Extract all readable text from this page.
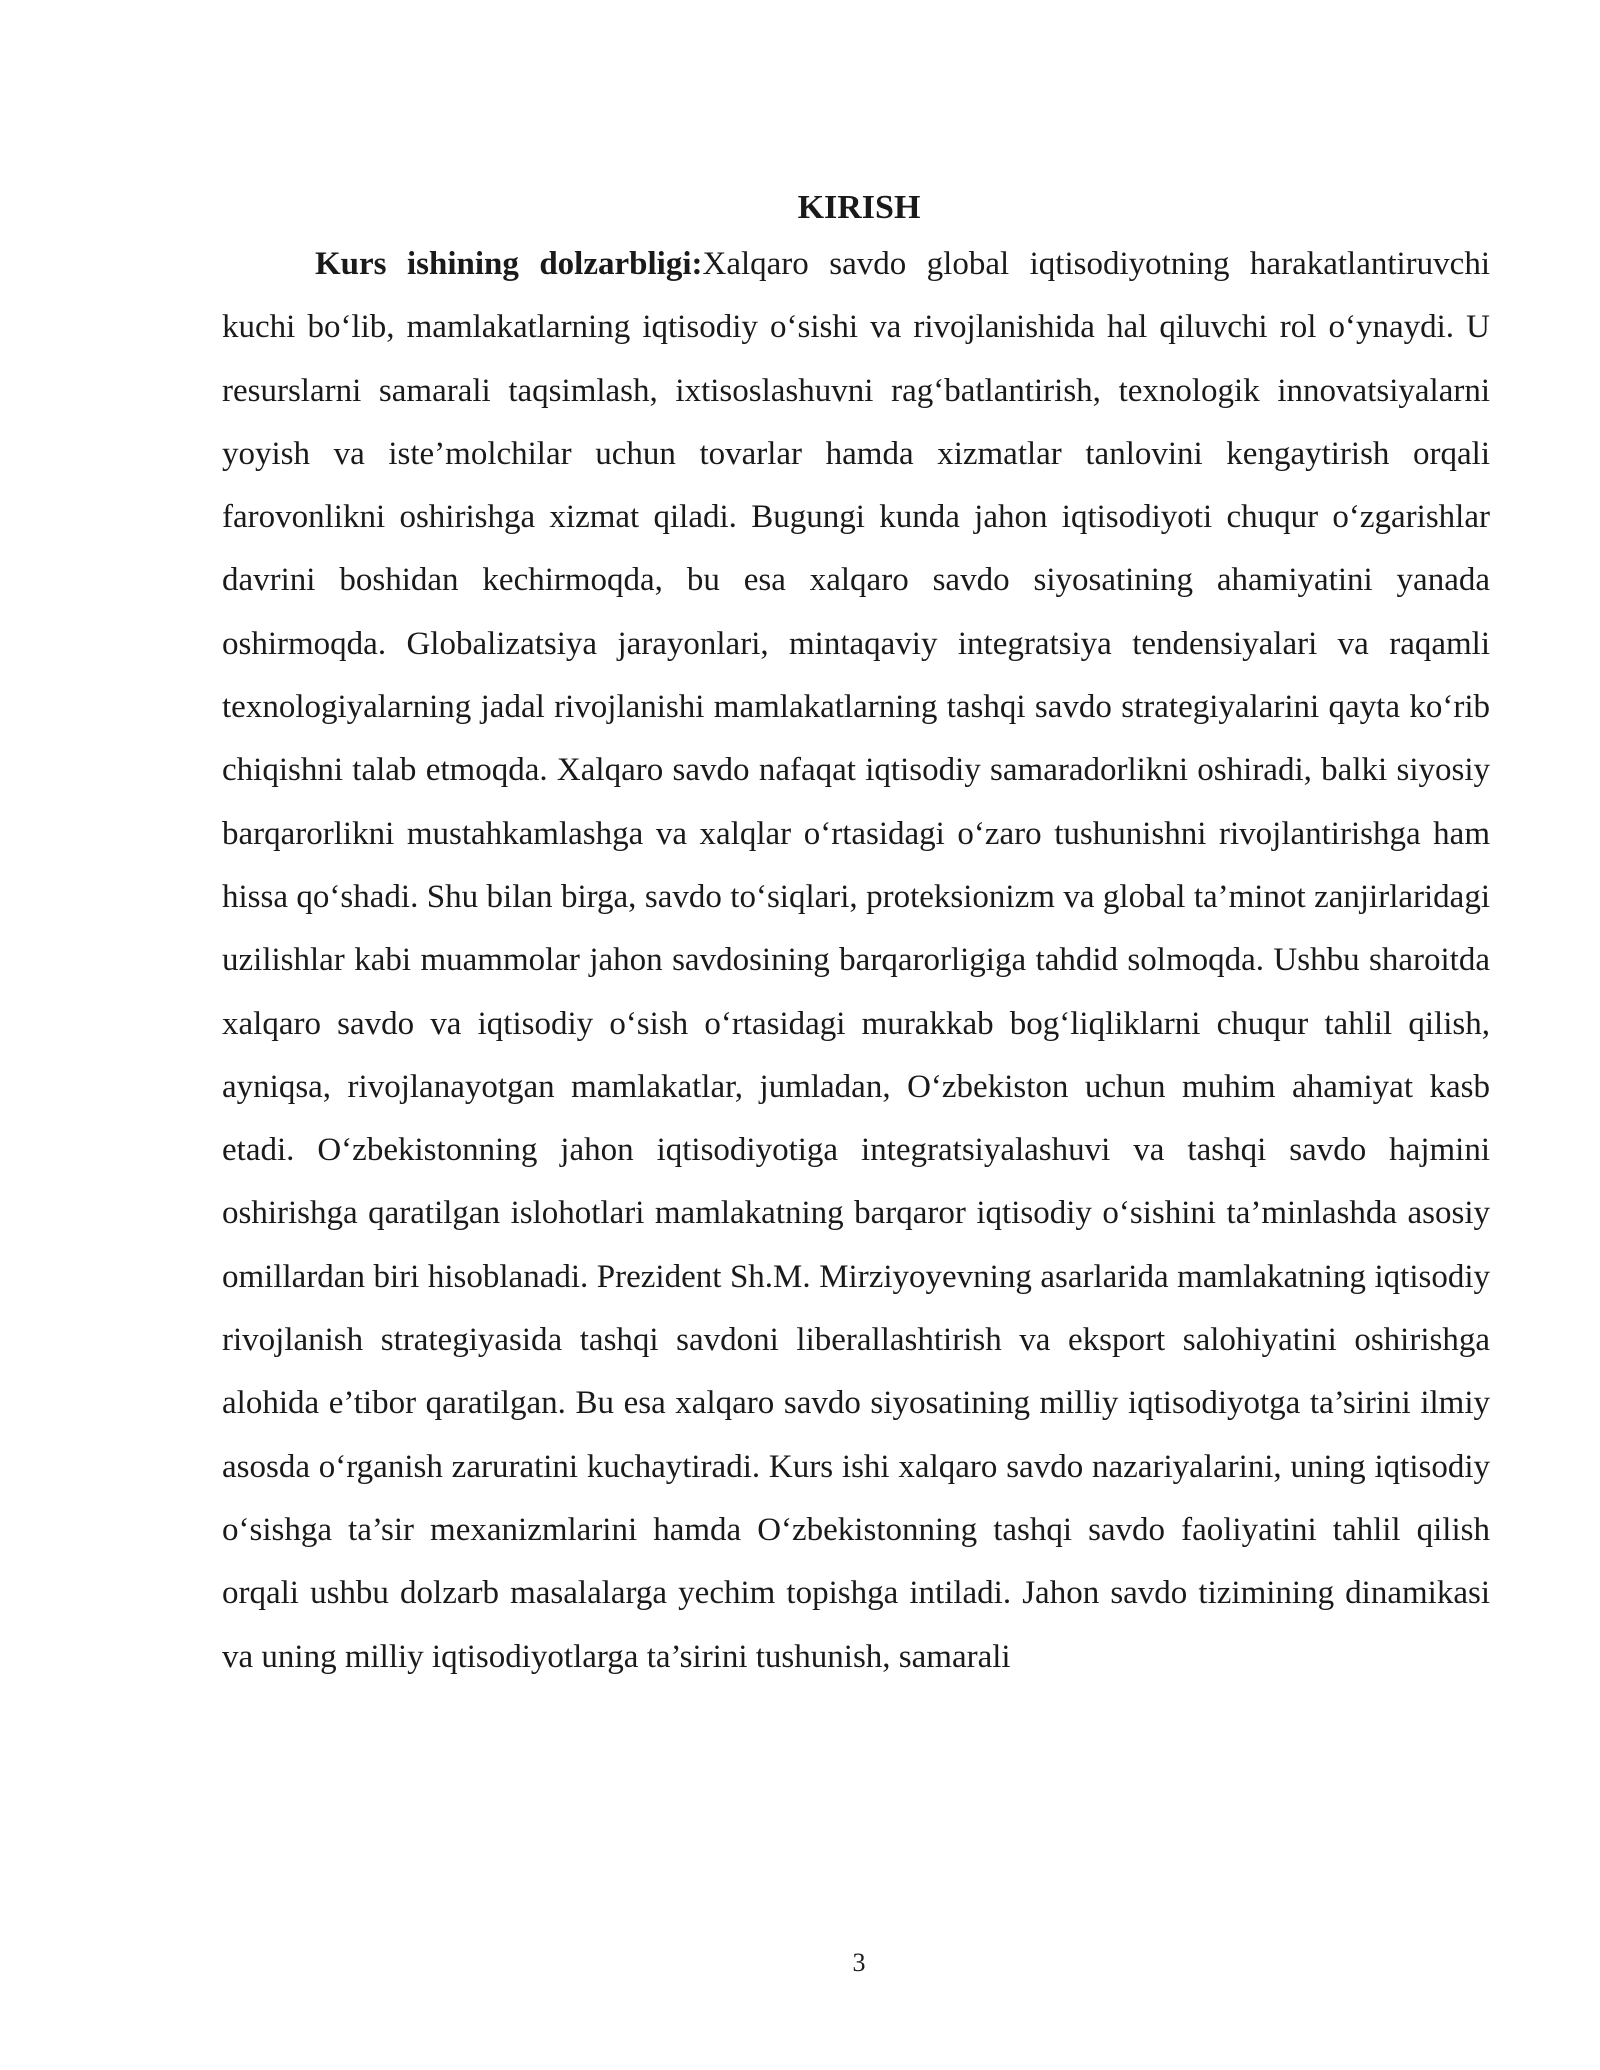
KIRISH

Kurs ishining dolzarbligi:Xalqaro savdo global iqtisodiyotning harakatlantiruvchi kuchi bo‘lib, mamlakatlarning iqtisodiy o‘sishi va rivojlanishida hal qiluvchi rol o‘ynaydi. U resurslarni samarali taqsimlash, ixtisoslashuvni rag‘batlantirish, texnologik innovatsiyalarni yoyish va iste’molchilar uchun tovarlar hamda xizmatlar tanlovini kengaytirish orqali farovonlikni oshirishga xizmat qiladi. Bugungi kunda jahon iqtisodiyoti chuqur o‘zgarishlar davrini boshidan kechirmoqda, bu esa xalqaro savdo siyosatining ahamiyatini yanada oshirmoqda. Globalizatsiya jarayonlari, mintaqaviy integratsiya tendensiyalari va raqamli texnologiyalarning jadal rivojlanishi mamlakatlarning tashqi savdo strategiyalarini qayta ko‘rib chiqishni talab etmoqda. Xalqaro savdo nafaqat iqtisodiy samaradorlikni oshiradi, balki siyosiy barqarorlikni mustahkamlashga va xalqlar o‘rtasidagi o‘zaro tushunishni rivojlantirishga ham hissa qo‘shadi. Shu bilan birga, savdo to‘siqlari, proteksionizm va global ta’minot zanjirlaridagi uzilishlar kabi muammolar jahon savdosining barqarorligiga tahdid solmoqda. Ushbu sharoitda xalqaro savdo va iqtisodiy o‘sish o‘rtasidagi murakkab bog‘liqliklarni chuqur tahlil qilish, ayniqsa, rivojlanayotgan mamlakatlar, jumladan, O‘zbekiston uchun muhim ahamiyat kasb etadi. O‘zbekistonning jahon iqtisodiyotiga integratsiyalashuvi va tashqi savdo hajmini oshirishga qaratilgan islohotlari mamlakatning barqaror iqtisodiy o‘sishini ta’minlashda asosiy omillardan biri hisoblanadi. Prezident Sh.M. Mirziyoyevning asarlarida mamlakatning iqtisodiy rivojlanish strategiyasida tashqi savdoni liberallashtirish va eksport salohiyatini oshirishga alohida e’tibor qaratilgan. Bu esa xalqaro savdo siyosatining milliy iqtisodiyotga ta’sirini ilmiy asosda o‘rganish zaruratini kuchaytiradi. Kurs ishi xalqaro savdo nazariyalarini, uning iqtisodiy o‘sishga ta’sir mexanizmlarini hamda O‘zbekistonning tashqi savdo faoliyatini tahlil qilish orqali ushbu dolzarb masalalarga yechim topishga intiladi. Jahon savdo tizimining dinamikasi va uning milliy iqtisodiyotlarga ta’sirini tushunish, samarali

3
